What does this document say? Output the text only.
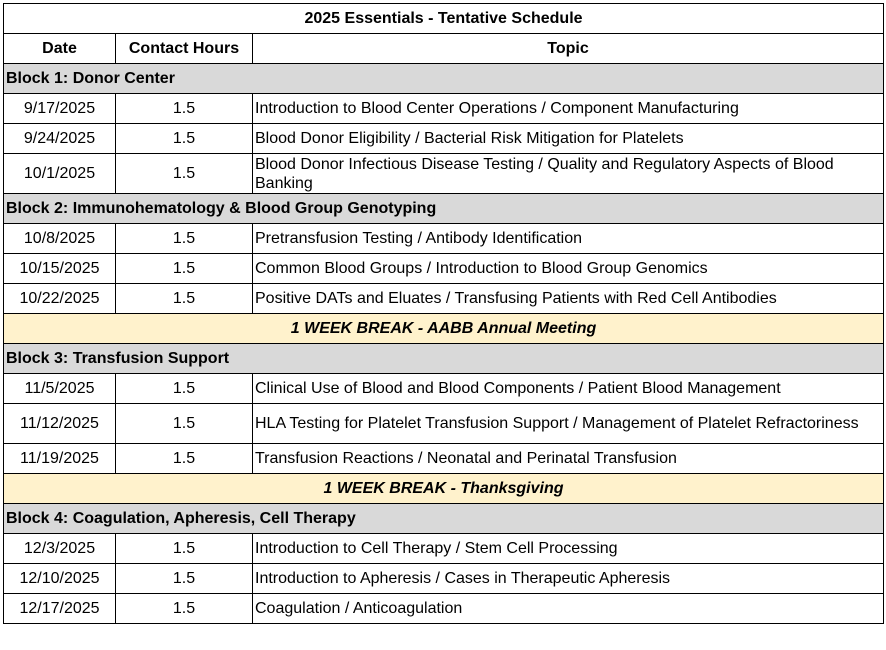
2025 Essentials - Tentative Schedule		
Date	Contact Hours	Topic
Block 1: Donor Center		
9/17/2025	1.5	Introduction to Blood Center Operations / Component Manufacturing
9/24/2025	1.5	Blood Donor Eligibility / Bacterial Risk Mitigation for Platelets
10/1/2025	1.5	Blood Donor Infectious Disease Testing / Quality and Regulatory Aspects of Blood Banking
Block 2: Immunohematology & Blood Group Genotyping		
10/8/2025	1.5	Pretransfusion Testing / Antibody Identification
10/15/2025	1.5	Common Blood Groups / Introduction to Blood Group Genomics
10/22/2025	1.5	Positive DATs and Eluates / Transfusing Patients with Red Cell Antibodies
1 WEEK BREAK - AABB Annual Meeting		
Block 3: Transfusion Support		
11/5/2025	1.5	Clinical Use of Blood and Blood Components / Patient Blood Management
11/12/2025	1.5	HLA Testing for Platelet Transfusion Support / Management of Platelet Refractoriness
11/19/2025	1.5	Transfusion Reactions / Neonatal and Perinatal Transfusion
1 WEEK BREAK - Thanksgiving		
Block 4: Coagulation, Apheresis, Cell Therapy		
12/3/2025	1.5	Introduction to Cell Therapy / Stem Cell Processing
12/10/2025	1.5	Introduction to Apheresis / Cases in Therapeutic Apheresis
12/17/2025	1.5	Coagulation / Anticoagulation
